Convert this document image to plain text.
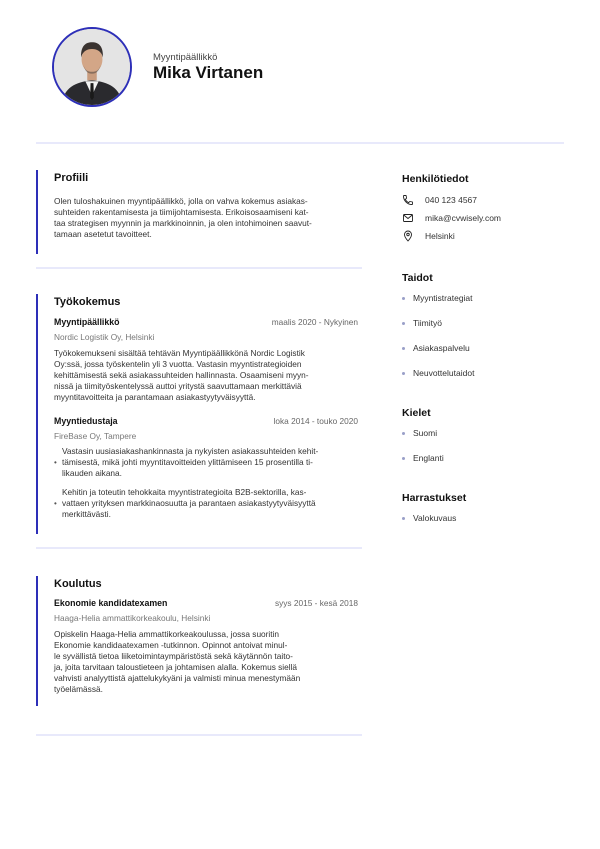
Myyntipäällikkö
Mika Virtanen
Profiili
Olen tuloshakuinen myyntipäällikkö, jolla on vahva kokemus asiakas-
suhteiden rakentamisesta ja tiimijohtamisesta. Erikoisosaamiseni kat-
taa strategisen myynnin ja markkinoinnin, ja olen intohimoinen saavut-
tamaan asetetut tavoitteet.
Työkokemus
Myyntipäällikkö	maalis 2020 - Nykyinen
Nordic Logistik Oy, Helsinki
Työkokemukseni sisältää tehtävän Myyntipäällikkönä Nordic Logistik
Oy:ssä, jossa työskentelin yli 3 vuotta. Vastasin myyntistrategioiden
kehittämisestä sekä asiakassuhteiden hallinnasta. Osaamiseni myyn-
nissä ja tiimityöskentelyssä auttoi yritystä saavuttamaan merkittäviä
myyntitavoitteita ja parantamaan asiakastyytyväisyyttä.
Myyntiedustaja	loka 2014 - touko 2020
FireBase Oy, Tampere
•
Vastasin uusiasiakashankinnasta ja nykyisten asiakassuhteiden kehit-
tämisestä, mikä johti myyntitavoitteiden ylittämiseen 15 prosentilla ti-
likauden aikana.
•
Kehitin ja toteutin tehokkaita myyntistrategioita B2B-sektorilla, kas-
vattaen yrityksen markkinaosuutta ja parantaen asiakastyytyväisyyttä
merkittävästi.
Koulutus
Ekonomie kandidatexamen	syys 2015 - kesä 2018
Haaga-Helia ammattikorkeakoulu, Helsinki
Opiskelin Haaga-Helia ammattikorkeakoulussa, jossa suoritin
Ekonomie kandidaatexamen -tutkinnon. Opinnot antoivat minul-
le syvällistä tietoa liiketoimintaympäristöstä sekä käytännön taito-
ja, joita tarvitaan taloustieteen ja johtamisen alalla. Kokemus siellä
vahvisti analyyttistä ajattelukykyäni ja valmisti minua menestymään
työelämässä.
Henkilötiedot
040 123 4567
mika@cvwisely.com
Helsinki
Taidot
Myyntistrategiat
Tiimityö
Asiakaspalvelu
Neuvottelutaidot
Kielet
Suomi
Englanti
Harrastukset
Valokuvaus
